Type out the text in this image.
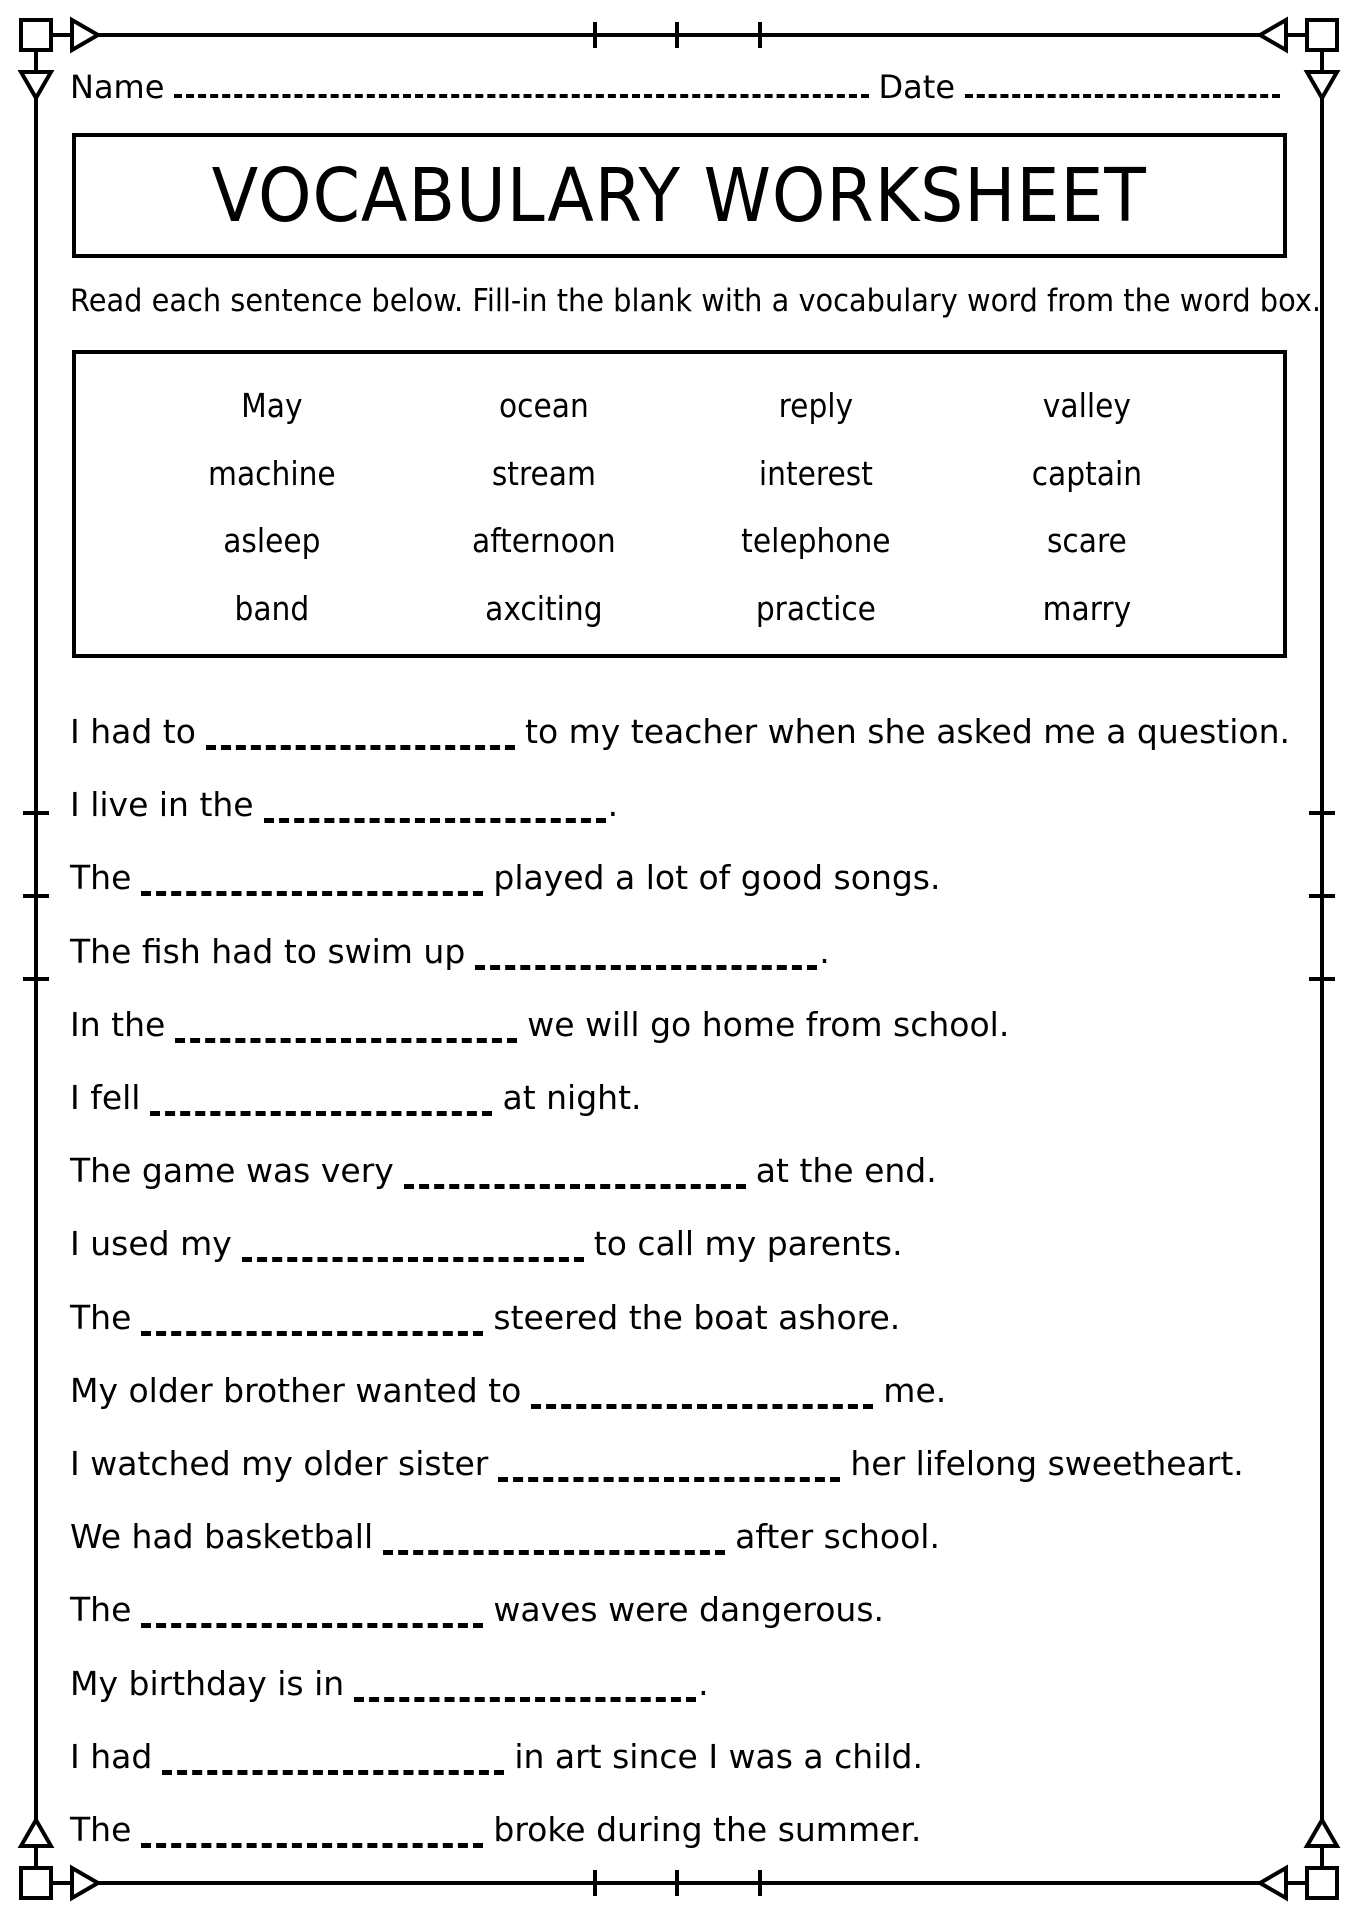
Name	Date
VOCABULARY WORKSHEET
Read each sentence below. Fill-in the blank with a vocabulary word from the word box.
May	ocean	reply	valley
machine	stream	interest	captain
asleep	afternoon	telephone	scare
band	axciting	practice	marry
I had to	to my teacher when she asked me a question.
I live in the	.
The	played a lot of good songs.
The fish had to swim up	.
In the	we will go home from school.
I fell	at night.
The game was very	at the end.
I used my	to call my parents.
The	steered the boat ashore.
My older brother wanted to	me.
I watched my older sister	her lifelong sweetheart.
We had basketball	after school.
The	waves were dangerous.
My birthday is in	.
I had	in art since I was a child.
The	broke during the summer.
